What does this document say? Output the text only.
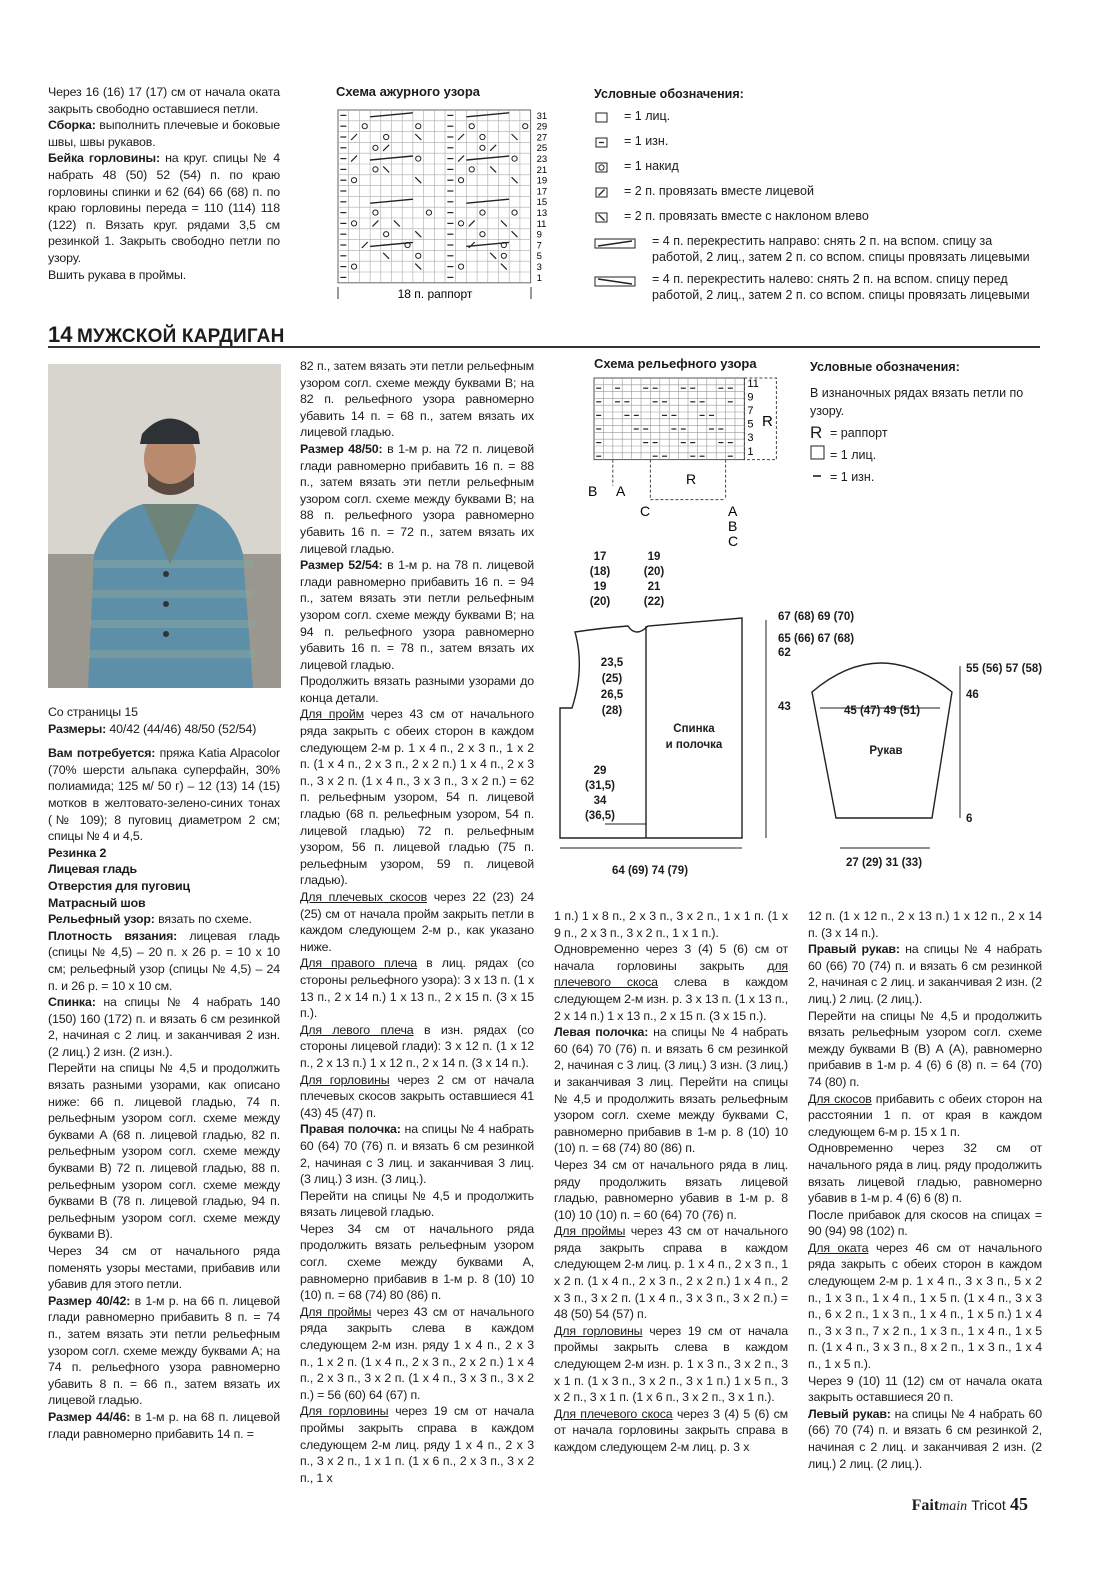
Через 16 (16) 17 (17) см от начала оката закрыть свободно оставшиеся петли.

Сборка: выполнить плечевые и боковые швы, швы рукавов.

Бейка горловины: на круг. спицы № 4 набрать 48 (50) 52 (54) п. по краю горловины спинки и 62 (64) 66 (68) п. по краю горловины переда = 110 (114) 118 (122) п. Вязать круг. рядами 3,5 см резинкой 1. Закрыть свободно петли по узору.

Вшить рукава в проймы.

Схема ажурного узора
31
29
27
25
23
21
19
17
15
13
11
9
7
5
3
1
18 п. раппорт
Условные обозначения:
= 1 лиц.
= 1 изн.
= 1 накид
= 2 п. провязать вместе лицевой
= 2 п. провязать вместе с наклоном влево
= 4 п. перекрестить направо: снять 2 п. на вспом. спицу за работой, 2 лиц., затем 2 п. со вспом. спицы провязать лицевыми
= 4 п. перекрестить налево: снять 2 п. на вспом. спицу перед работой, 2 лиц., затем 2 п. со вспом. спицы провязать лицевыми
14 МУЖСКОЙ КАРДИГАН

Со страницы 15

Размеры: 40/42 (44/46) 48/50 (52/54)

Вам потребуется: пряжа Katia Alpacolor (70% шерсти альпака суперфайн, 30% полиамида; 125 м/ 50 г) – 12 (13) 14 (15) мотков в желтовато-зелено-синих тонах (№ 109); 8 пуговиц диаметром 2 см; спицы № 4 и 4,5.

Резинка 2

Лицевая гладь

Отверстия для пуговиц

Матрасный шов

Рельефный узор: вязать по схеме.

Плотность вязания: лицевая гладь (спицы № 4,5) – 20 п. х 26 р. = 10 х 10 см; рельефный узор (спицы № 4,5) – 24 п. и 26 р. = 10 х 10 см.

Спинка: на спицы № 4 набрать 140 (150) 160 (172) п. и вязать 6 см резинкой 2, начиная с 2 лиц. и заканчивая 2 изн. (2 лиц.) 2 изн. (2 изн.).

Перейти на спицы № 4,5 и продолжить вязать разными узорами, как описано ниже: 66 п. лицевой гладью, 74 п. рельефным узором согл. схеме между буквами А (68 п. лицевой гладью, 82 п. рельефным узором согл. схеме между буквами В) 72 п. лицевой гладью, 88 п. рельефным узором согл. схеме между буквами В (78 п. лицевой гладью, 94 п. рельефным узором согл. схеме между буквами В).

Через 34 см от начального ряда поменять узоры местами, прибавив или убавив для этого петли.

Размер 40/42: в 1-м р. на 66 п. лицевой глади равномерно прибавить 8 п. = 74 п., затем вязать эти петли рельефным узором согл. схеме между буквами А; на 74 п. рельефного узора равномерно убавить 8 п. = 66 п., затем вязать их лицевой гладью.

Размер 44/46: в 1-м р. на 68 п. лицевой глади равномерно прибавить 14 п. =

82 п., затем вязать эти петли рельефным узором согл. схеме между буквами В; на 82 п. рельефного узора равномерно убавить 14 п. = 68 п., затем вязать их лицевой гладью.

Размер 48/50: в 1-м р. на 72 п. лицевой глади равномерно прибавить 16 п. = 88 п., затем вязать эти петли рельефным узором согл. схеме между буквами В; на 88 п. рельефного узора равномерно убавить 16 п. = 72 п., затем вязать их лицевой гладью.

Размер 52/54: в 1-м р. на 78 п. лицевой глади равномерно прибавить 16 п. = 94 п., затем вязать эти петли рельефным узором согл. схеме между буквами В; на 94 п. рельефного узора равномерно убавить 16 п. = 78 п., затем вязать их лицевой гладью.

Продолжить вязать разными узорами до конца детали.

Для пройм через 43 см от начального ряда закрыть с обеих сторон в каждом следующем 2-м р. 1 х 4 п., 2 х 3 п., 1 х 2 п. (1 х 4 п., 2 х 3 п., 2 х 2 п.) 1 х 4 п., 2 х 3 п., 3 х 2 п. (1 х 4 п., 3 х 3 п., 3 х 2 п.) = 62 п. рельефным узором, 54 п. лицевой гладью (68 п. рельефным узором, 54 п. лицевой гладью) 72 п. рельефным узором, 56 п. лицевой гладью (75 п. рельефным узором, 59 п. лицевой гладью).

Для плечевых скосов через 22 (23) 24 (25) см от начала пройм закрыть петли в каждом следующем 2-м р., как указано ниже.

Для правого плеча в лиц. рядах (со стороны рельефного узора): 3 х 13 п. (1 х 13 п., 2 х 14 п.) 1 х 13 п., 2 х 15 п. (3 х 15 п.).

Для левого плеча в изн. рядах (со стороны лицевой глади): 3 х 12 п. (1 х 12 п., 2 х 13 п.) 1 х 12 п., 2 х 14 п. (3 х 14 п.).

Для горловины через 2 см от начала плечевых скосов закрыть оставшиеся 41 (43) 45 (47) п.

Правая полочка: на спицы № 4 набрать 60 (64) 70 (76) п. и вязать 6 см резинкой 2, начиная с 3 лиц. и заканчивая 3 лиц. (3 лиц.) 3 изн. (3 лиц.).

Перейти на спицы № 4,5 и продолжить вязать лицевой гладью.

Через 34 см от начального ряда продолжить вязать рельефным узором согл. схеме между буквами А, равномерно прибавив в 1-м р. 8 (10) 10 (10) п. = 68 (74) 80 (86) п.

Для проймы через 43 см от начального ряда закрыть слева в каждом следующем 2-м изн. ряду 1 х 4 п., 2 х 3 п., 1 х 2 п. (1 х 4 п., 2 х 3 п., 2 х 2 п.) 1 х 4 п., 2 х 3 п., 3 х 2 п. (1 х 4 п., 3 х 3 п., 3 х 2 п.) = 56 (60) 64 (67) п.

Для горловины через 19 см от начала проймы закрыть справа в каждом следующем 2-м лиц. ряду 1 х 4 п., 2 х 3 п., 3 х 2 п., 1 х 1 п. (1 х 6 п., 2 х 3 п., 3 х 2 п., 1 х

Схема рельефного узора
11
9
7
5
3
1
R
B A
C
R
A
B
C
Условные обозначения:
В изнаночных рядах вязать петли по узору.
R = раппорт
= 1 лиц.
= 1 изн.
17
(18)
19
(20)
19
(20)
21
(22)
67 (68) 69 (70)
65 (66) 67 (68)
62
23,5
(25)
26,5
(28)	43
29
(31,5)
34
(36,5)
64 (69) 74 (79)
Спинка
и полочка	Рукав
55 (56) 57 (58)
46
45 (47) 49 (51)
6
27 (29) 31 (33)

1 п.) 1 х 8 п., 2 х 3 п., 3 х 2 п., 1 х 1 п. (1 х 9 п., 2 х 3 п., 3 х 2 п., 1 х 1 п.).

Одновременно через 3 (4) 5 (6) см от начала горловины закрыть для плечевого скоса слева в каждом следующем 2-м изн. р. 3 х 13 п. (1 х 13 п., 2 х 14 п.) 1 х 13 п., 2 х 15 п. (3 х 15 п.).

Левая полочка: на спицы № 4 набрать 60 (64) 70 (76) п. и вязать 6 см резинкой 2, начиная с 3 лиц. (3 лиц.) 3 изн. (3 лиц.) и заканчивая 3 лиц. Перейти на спицы № 4,5 и продолжить вязать рельефным узором согл. схеме между буквами С, равномерно прибавив в 1-м р. 8 (10) 10 (10) п. = 68 (74) 80 (86) п.

Через 34 см от начального ряда в лиц. ряду продолжить вязать лицевой гладью, равномерно убавив в 1-м р. 8 (10) 10 (10) п. = 60 (64) 70 (76) п.

Для проймы через 43 см от начального ряда закрыть справа в каждом следующем 2-м лиц. р. 1 х 4 п., 2 х 3 п., 1 х 2 п. (1 х 4 п., 2 х 3 п., 2 х 2 п.) 1 х 4 п., 2 х 3 п., 3 х 2 п. (1 х 4 п., 3 х 3 п., 3 х 2 п.) = 48 (50) 54 (57) п.

Для горловины через 19 см от начала проймы закрыть слева в каждом следующем 2-м изн. р. 1 х 3 п., 3 х 2 п., 3 х 1 п. (1 х 3 п., 3 х 2 п., 3 х 1 п.) 1 х 5 п., 3 х 2 п., 3 х 1 п. (1 х 6 п., 3 х 2 п., 3 х 1 п.).

Для плечевого скоса через 3 (4) 5 (6) см от начала горловины закрыть справа в каждом следующем 2-м лиц. р. 3 х

12 п. (1 х 12 п., 2 х 13 п.) 1 х 12 п., 2 х 14 п. (3 х 14 п.).

Правый рукав: на спицы № 4 набрать 60 (66) 70 (74) п. и вязать 6 см резинкой 2, начиная с 2 лиц. и заканчивая 2 изн. (2 лиц.) 2 лиц. (2 лиц.).

Перейти на спицы № 4,5 и продолжить вязать рельефным узором согл. схеме между буквами В (В) А (А), равномерно прибавив в 1-м р. 4 (6) 6 (8) п. = 64 (70) 74 (80) п.

Для скосов прибавить с обеих сторон на расстоянии 1 п. от края в каждом следующем 6-м р. 15 х 1 п.

Одновременно через 32 см от начального ряда в лиц. ряду продолжить вязать лицевой гладью, равномерно убавив в 1-м р. 4 (6) 6 (8) п.

После прибавок для скосов на спицах = 90 (94) 98 (102) п.

Для оката через 46 см от начального ряда закрыть с обеих сторон в каждом следующем 2-м р. 1 х 4 п., 3 х 3 п., 5 х 2 п., 1 х 3 п., 1 х 4 п., 1 х 5 п. (1 х 4 п., 3 х 3 п., 6 х 2 п., 1 х 3 п., 1 х 4 п., 1 х 5 п.) 1 х 4 п., 3 х 3 п., 7 х 2 п., 1 х 3 п., 1 х 4 п., 1 х 5 п. (1 х 4 п., 3 х 3 п., 8 х 2 п., 1 х 3 п., 1 х 4 п., 1 х 5 п.).

Через 9 (10) 11 (12) см от начала оката закрыть оставшиеся 20 п.

Левый рукав: на спицы № 4 набрать 60 (66) 70 (74) п. и вязать 6 см резинкой 2, начиная с 2 лиц. и заканчивая 2 изн. (2 лиц.) 2 лиц. (2 лиц.).

Faitmain Tricot 45
